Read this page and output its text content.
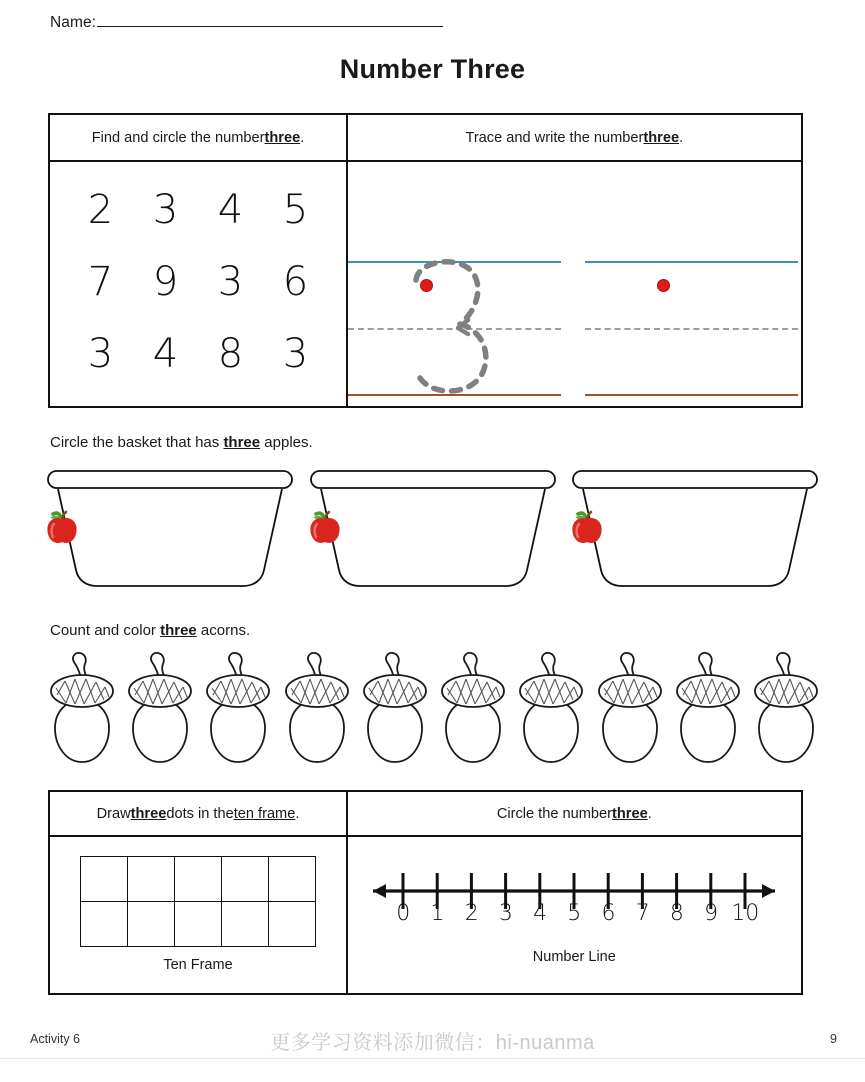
Name:
Number Three
Find and circle the number three .
2 3 4 5
7 9 3 6
3 4 8 3
Trace and write the number three .
Circle the basket that has three apples.
Count and color three acorns.
Draw three dots in the ten frame .
Ten Frame
Circle the number three .
0 1 2 3 4 5 6 7 8 9 10
Number Line
Activity 6	更多学习资料添加微信：hi-nuanma	9
